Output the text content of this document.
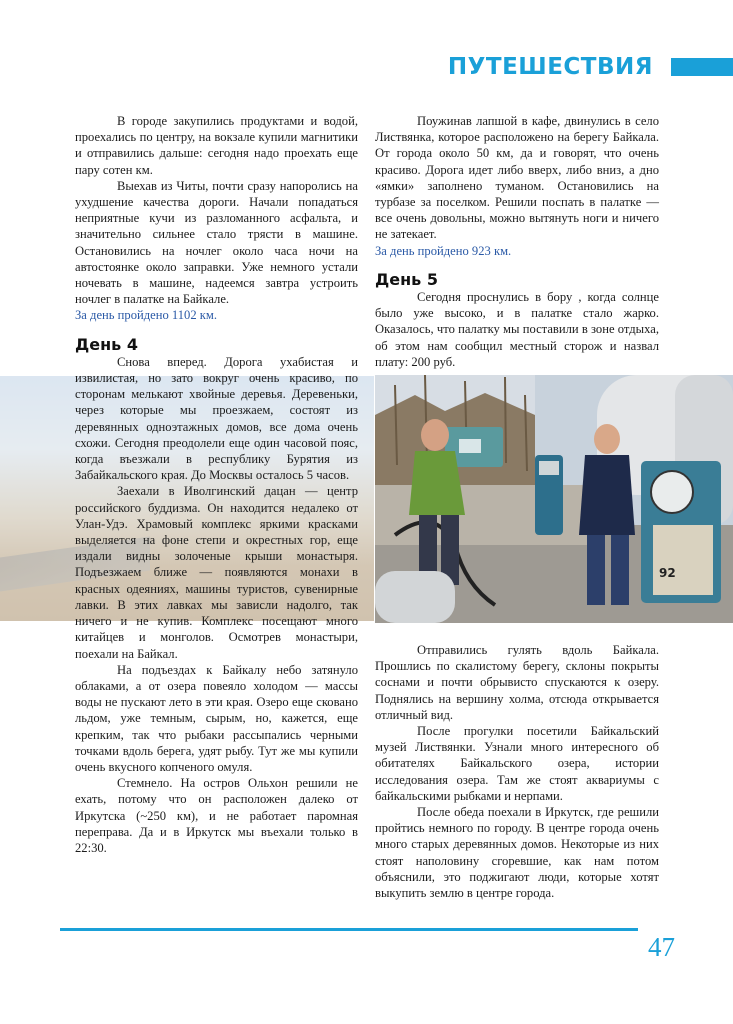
ПУТЕШЕСТВИЯ

В городе закупились продуктами и водой, проехались по центру, на вокзале купили магнитики и отправились дальше: сегодня надо проехать еще пару сотен км.

Выехав из Читы, почти сразу напоролись на ухудшение качества дороги. Начали попадаться неприятные кучи из разломанного асфальта, и значительно сильнее стало трясти в машине. Остановились на ночлег около часа ночи на автостоянке около заправки. Уже немного устали ночевать в машине, надеемся завтра устроить ночлег в палатке на Байкале.

За день пройдено 1102 км.

День 4

Снова вперед. Дорога ухабистая и извилистая, но зато вокруг очень красиво, по сторонам мелькают хвойные деревья. Деревеньки, через которые мы проезжаем, состоят из деревянных одноэтажных домов, все дома очень схожи. Сегодня преодолели еще один часовой пояс, когда въезжали в республику Бурятия из Забайкальского края. До Москвы осталось 5 часов.

Заехали в Иволгинский дацан — центр российского буддизма. Он находится недалеко от Улан-Удэ. Храмовый комплекс яркими красками выделяется на фоне степи и окрестных гор, еще издали видны золоченые крыши монастыря. Подъезжаем ближе — появляются монахи в красных одеяниях, машины туристов, сувенирные лавки. В этих лавках мы зависли надолго, так ничего и не купив. Комплекс посещают много китайцев и монголов. Осмотрев монастыри, поехали на Байкал.

На подъездах к Байкалу небо затянуло облаками, а от озера повеяло холодом — массы воды не пускают лето в эти края. Озеро еще сковано льдом, уже темным, сырым, но, кажется, еще крепким, так что рыбаки рассыпались черными точками вдоль берега, удят рыбу. Тут же мы купили очень вкусного копченого омуля.

Стемнело. На остров Ольхон решили не ехать, потому что он расположен далеко от Иркутска (~250 км), и не работает паромная переправа. Да и в Иркутск мы въехали только в 22:30.

Поужинав лапшой в кафе, двинулись в село Листвянка, которое расположено на берегу Байкала. От города около 50 км, да и говорят, что очень красиво. Дорога идет либо вверх, либо вниз, а дно «ямки» заполнено туманом. Остановились на турбазе за поселком. Решили поспать в палатке — все очень довольны, можно вытянуть ноги и ничего не затекает.

За день пройдено 923 км.

День 5

Сегодня проснулись в бору , когда солнце было уже высоко, и в палатке стало жарко. Оказалось, что палатку мы поставили в зоне отдыха, об этом нам сообщил местный сторож и назвал плату: 200 руб.

Отправились гулять вдоль Байкала. Прошлись по скалистому берегу, склоны покрыты соснами и почти обрывисто спускаются к озеру. Поднялись на вершину холма, отсюда открывается отличный вид.

После прогулки посетили Байкальский музей Листвянки. Узнали много интересного об обитателях Байкальского озера, истории исследования озера. Там же стоят аквариумы с байкальскими рыбками и нерпами.

После обеда поехали в Иркутск, где решили пройтись немного по городу. В центре города очень много старых деревянных домов. Некоторые из них стоят наполовину сгоревшие, как нам потом объяснили, это поджигают люди, которые хотят выкупить землю в центре города.

92
47
